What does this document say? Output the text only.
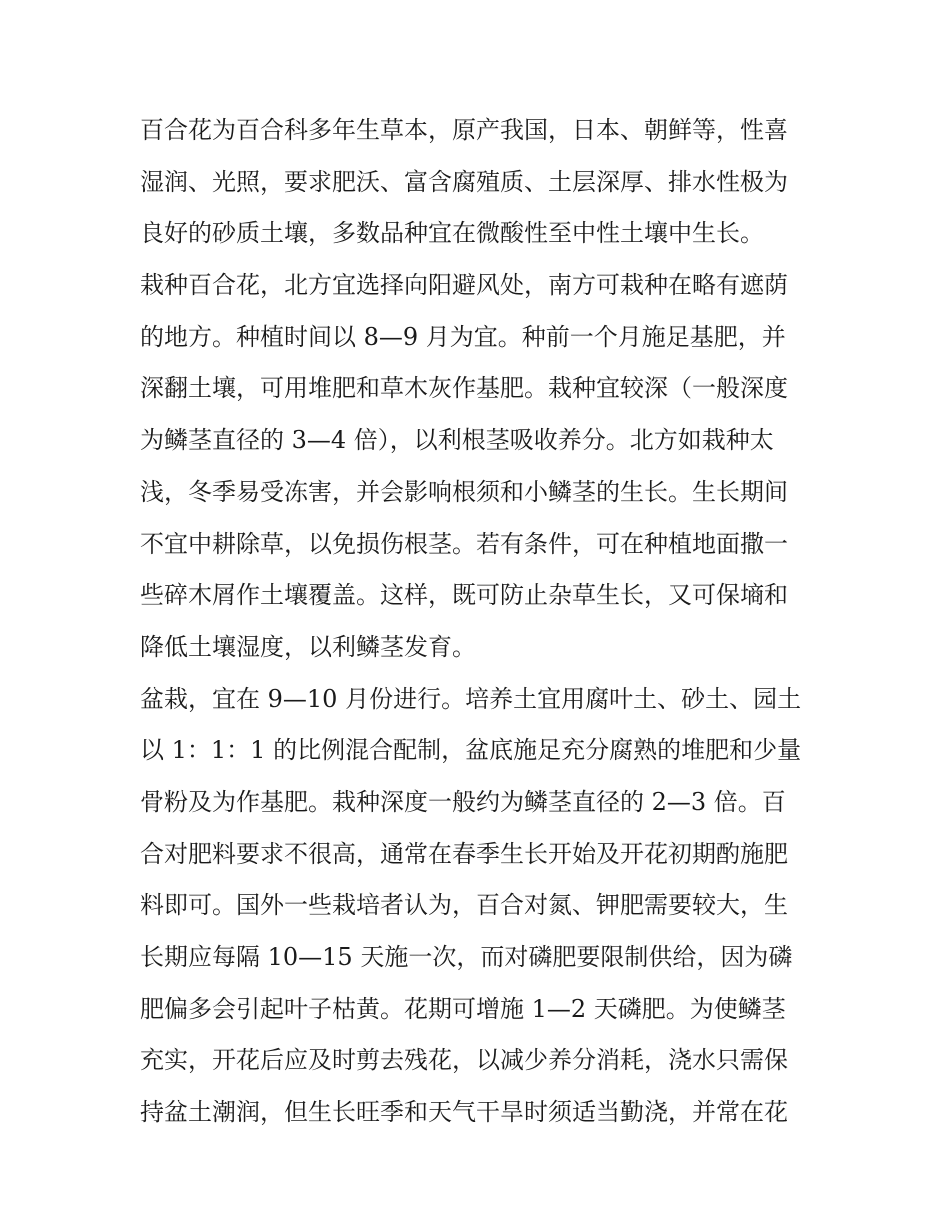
百合花为百合科多年生草本，原产我国，日本、朝鲜等，性喜
湿润、光照，要求肥沃、富含腐殖质、土层深厚、排水性极为
良好的砂质土壤，多数品种宜在微酸性至中性土壤中生长。

栽种百合花，北方宜选择向阳避风处，南方可栽种在略有遮荫
的地方。种植时间以 8—9 月为宜。种前一个月施足基肥，并
深翻土壤，可用堆肥和草木灰作基肥。栽种宜较深（一般深度
为鳞茎直径的 3—4 倍），以利根茎吸收养分。北方如栽种太
浅，冬季易受冻害，并会影响根须和小鳞茎的生长。生长期间
不宜中耕除草，以免损伤根茎。若有条件，可在种植地面撒一
些碎木屑作土壤覆盖。这样，既可防止杂草生长，又可保墒和
降低土壤湿度，以利鳞茎发育。

盆栽，宜在 9—10 月份进行。培养土宜用腐叶土、砂土、园土
以 1：1：1 的比例混合配制，盆底施足充分腐熟的堆肥和少量
骨粉及为作基肥。栽种深度一般约为鳞茎直径的 2—3 倍。百
合对肥料要求不很高，通常在春季生长开始及开花初期酌施肥
料即可。国外一些栽培者认为，百合对氮、钾肥需要较大，生
长期应每隔 10—15 天施一次，而对磷肥要限制供给，因为磷
肥偏多会引起叶子枯黄。花期可增施 1—2 天磷肥。为使鳞茎
充实，开花后应及时剪去残花，以减少养分消耗，浇水只需保
持盆土潮润，但生长旺季和天气干旱时须适当勤浇，并常在花
